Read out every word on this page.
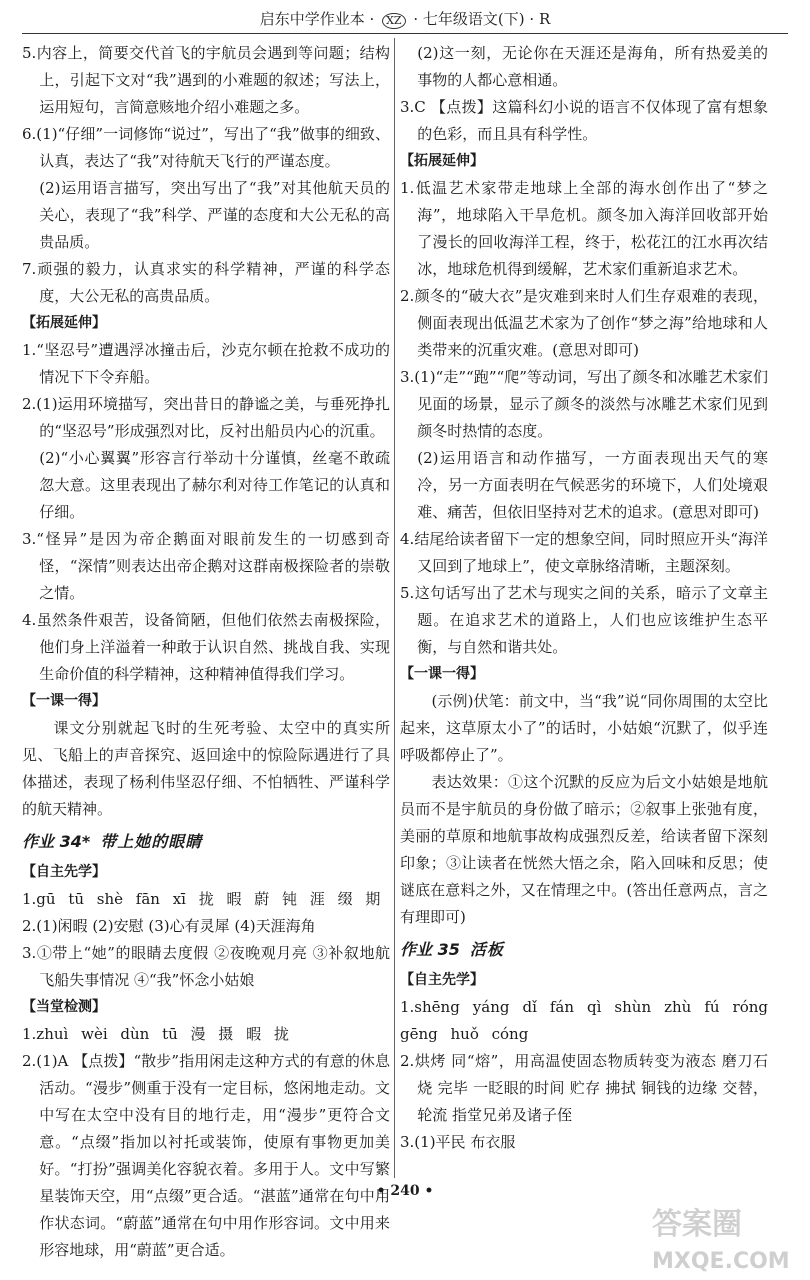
启东中学作业本 · XZ · 七年级语文(下) · R

5.内容上，简要交代首飞的宇航员会遇到等问题；结构上，引起下文对“我”遇到的小难题的叙述；写法上，运用短句，言简意赅地介绍小难题之多。

6.(1)“仔细”一词修饰“说过”，写出了“我”做事的细致、认真，表达了“我”对待航天飞行的严谨态度。

(2)运用语言描写，突出写出了“我”对其他航天员的关心，表现了“我”科学、严谨的态度和大公无私的高贵品质。

7.顽强的毅力，认真求实的科学精神，严谨的科学态度，大公无私的高贵品质。

【拓展延伸】

1.“坚忍号”遭遇浮冰撞击后，沙克尔顿在抢救不成功的情况下下令弃船。

2.(1)运用环境描写，突出昔日的静谧之美，与垂死挣扎的“坚忍号”形成强烈对比，反衬出船员内心的沉重。

(2)“小心翼翼”形容言行举动十分谨慎，丝毫不敢疏忽大意。这里表现出了赫尔利对待工作笔记的认真和仔细。

3.“怪异”是因为帝企鹅面对眼前发生的一切感到奇怪，“深情”则表达出帝企鹅对这群南极探险者的崇敬之情。

4.虽然条件艰苦，设备简陋，但他们依然去南极探险，他们身上洋溢着一种敢于认识自然、挑战自我、实现生命价值的科学精神，这种精神值得我们学习。

【一课一得】

课文分别就起飞时的生死考验、太空中的真实所见、飞船上的声音探究、返回途中的惊险际遇进行了具体描述，表现了杨利伟坚忍仔细、不怕牺牲、严谨科学的航天精神。

作业 34* 带上她的眼睛

【自主先学】

1.gū tū shè fān xī 拢 暇 蔚 钝 涯 缀 期

2.(1)闲暇 (2)安慰 (3)心有灵犀 (4)天涯海角

3.①带上“她”的眼睛去度假 ②夜晚观月亮 ③补叙地航飞船失事情况 ④“我”怀念小姑娘

【当堂检测】

1.zhuì wèi dùn tū 漫 摄 暇 拢

2.(1)A 【点拨】“散步”指用闲走这种方式的有意的休息活动。“漫步”侧重于没有一定目标，悠闲地走动。文中写在太空中没有目的地行走，用“漫步”更符合文意。“点缀”指加以衬托或装饰，使原有事物更加美好。“打扮”强调美化容貌衣着。多用于人。文中写繁星装饰天空，用“点缀”更合适。“湛蓝”通常在句中用作状态词。“蔚蓝”通常在句中用作形容词。文中用来形容地球，用“蔚蓝”更合适。

(2)这一刻，无论你在天涯还是海角，所有热爱美的事物的人都心意相通。

3.C 【点拨】这篇科幻小说的语言不仅体现了富有想象的色彩，而且具有科学性。

【拓展延伸】

1.低温艺术家带走地球上全部的海水创作出了“梦之海”，地球陷入干旱危机。颜冬加入海洋回收部开始了漫长的回收海洋工程，终于，松花江的江水再次结冰，地球危机得到缓解，艺术家们重新追求艺术。

2.颜冬的“破大衣”是灾难到来时人们生存艰难的表现，侧面表现出低温艺术家为了创作“梦之海”给地球和人类带来的沉重灾难。(意思对即可)

3.(1)“走”“跑”“爬”等动词，写出了颜冬和冰雕艺术家们见面的场景，显示了颜冬的淡然与冰雕艺术家们见到颜冬时热情的态度。

(2)运用语言和动作描写，一方面表现出天气的寒冷，另一方面表明在气候恶劣的环境下，人们处境艰难、痛苦，但依旧坚持对艺术的追求。(意思对即可)

4.结尾给读者留下一定的想象空间，同时照应开头“海洋又回到了地球上”，使文章脉络清晰，主题深刻。

5.这句话写出了艺术与现实之间的关系，暗示了文章主题。在追求艺术的道路上，人们也应该维护生态平衡，与自然和谐共处。

【一课一得】

(示例)伏笔：前文中，当“我”说“同你周围的太空比起来，这草原太小了”的话时，小姑娘“沉默了，似乎连呼吸都停止了”。

表达效果：①这个沉默的反应为后文小姑娘是地航员而不是宇航员的身份做了暗示；②叙事上张弛有度，美丽的草原和地航事故构成强烈反差，给读者留下深刻印象；③让读者在恍然大悟之余，陷入回味和反思；使谜底在意料之外，又在情理之中。(答出任意两点，言之有理即可)

作业 35 活板

【自主先学】

1.shēng yáng dǐ fán qì shùn zhù fú róng gēng huǒ cóng

2.烘烤 同“熔”，用高温使固态物质转变为液态 磨刀石 烧 完毕 一眨眼的时间 贮存 拂拭 铜钱的边缘 交替，轮流 指堂兄弟及诸子侄

3.(1)平民 布衣服

• 240 •
答案圈
MXQE.COM
